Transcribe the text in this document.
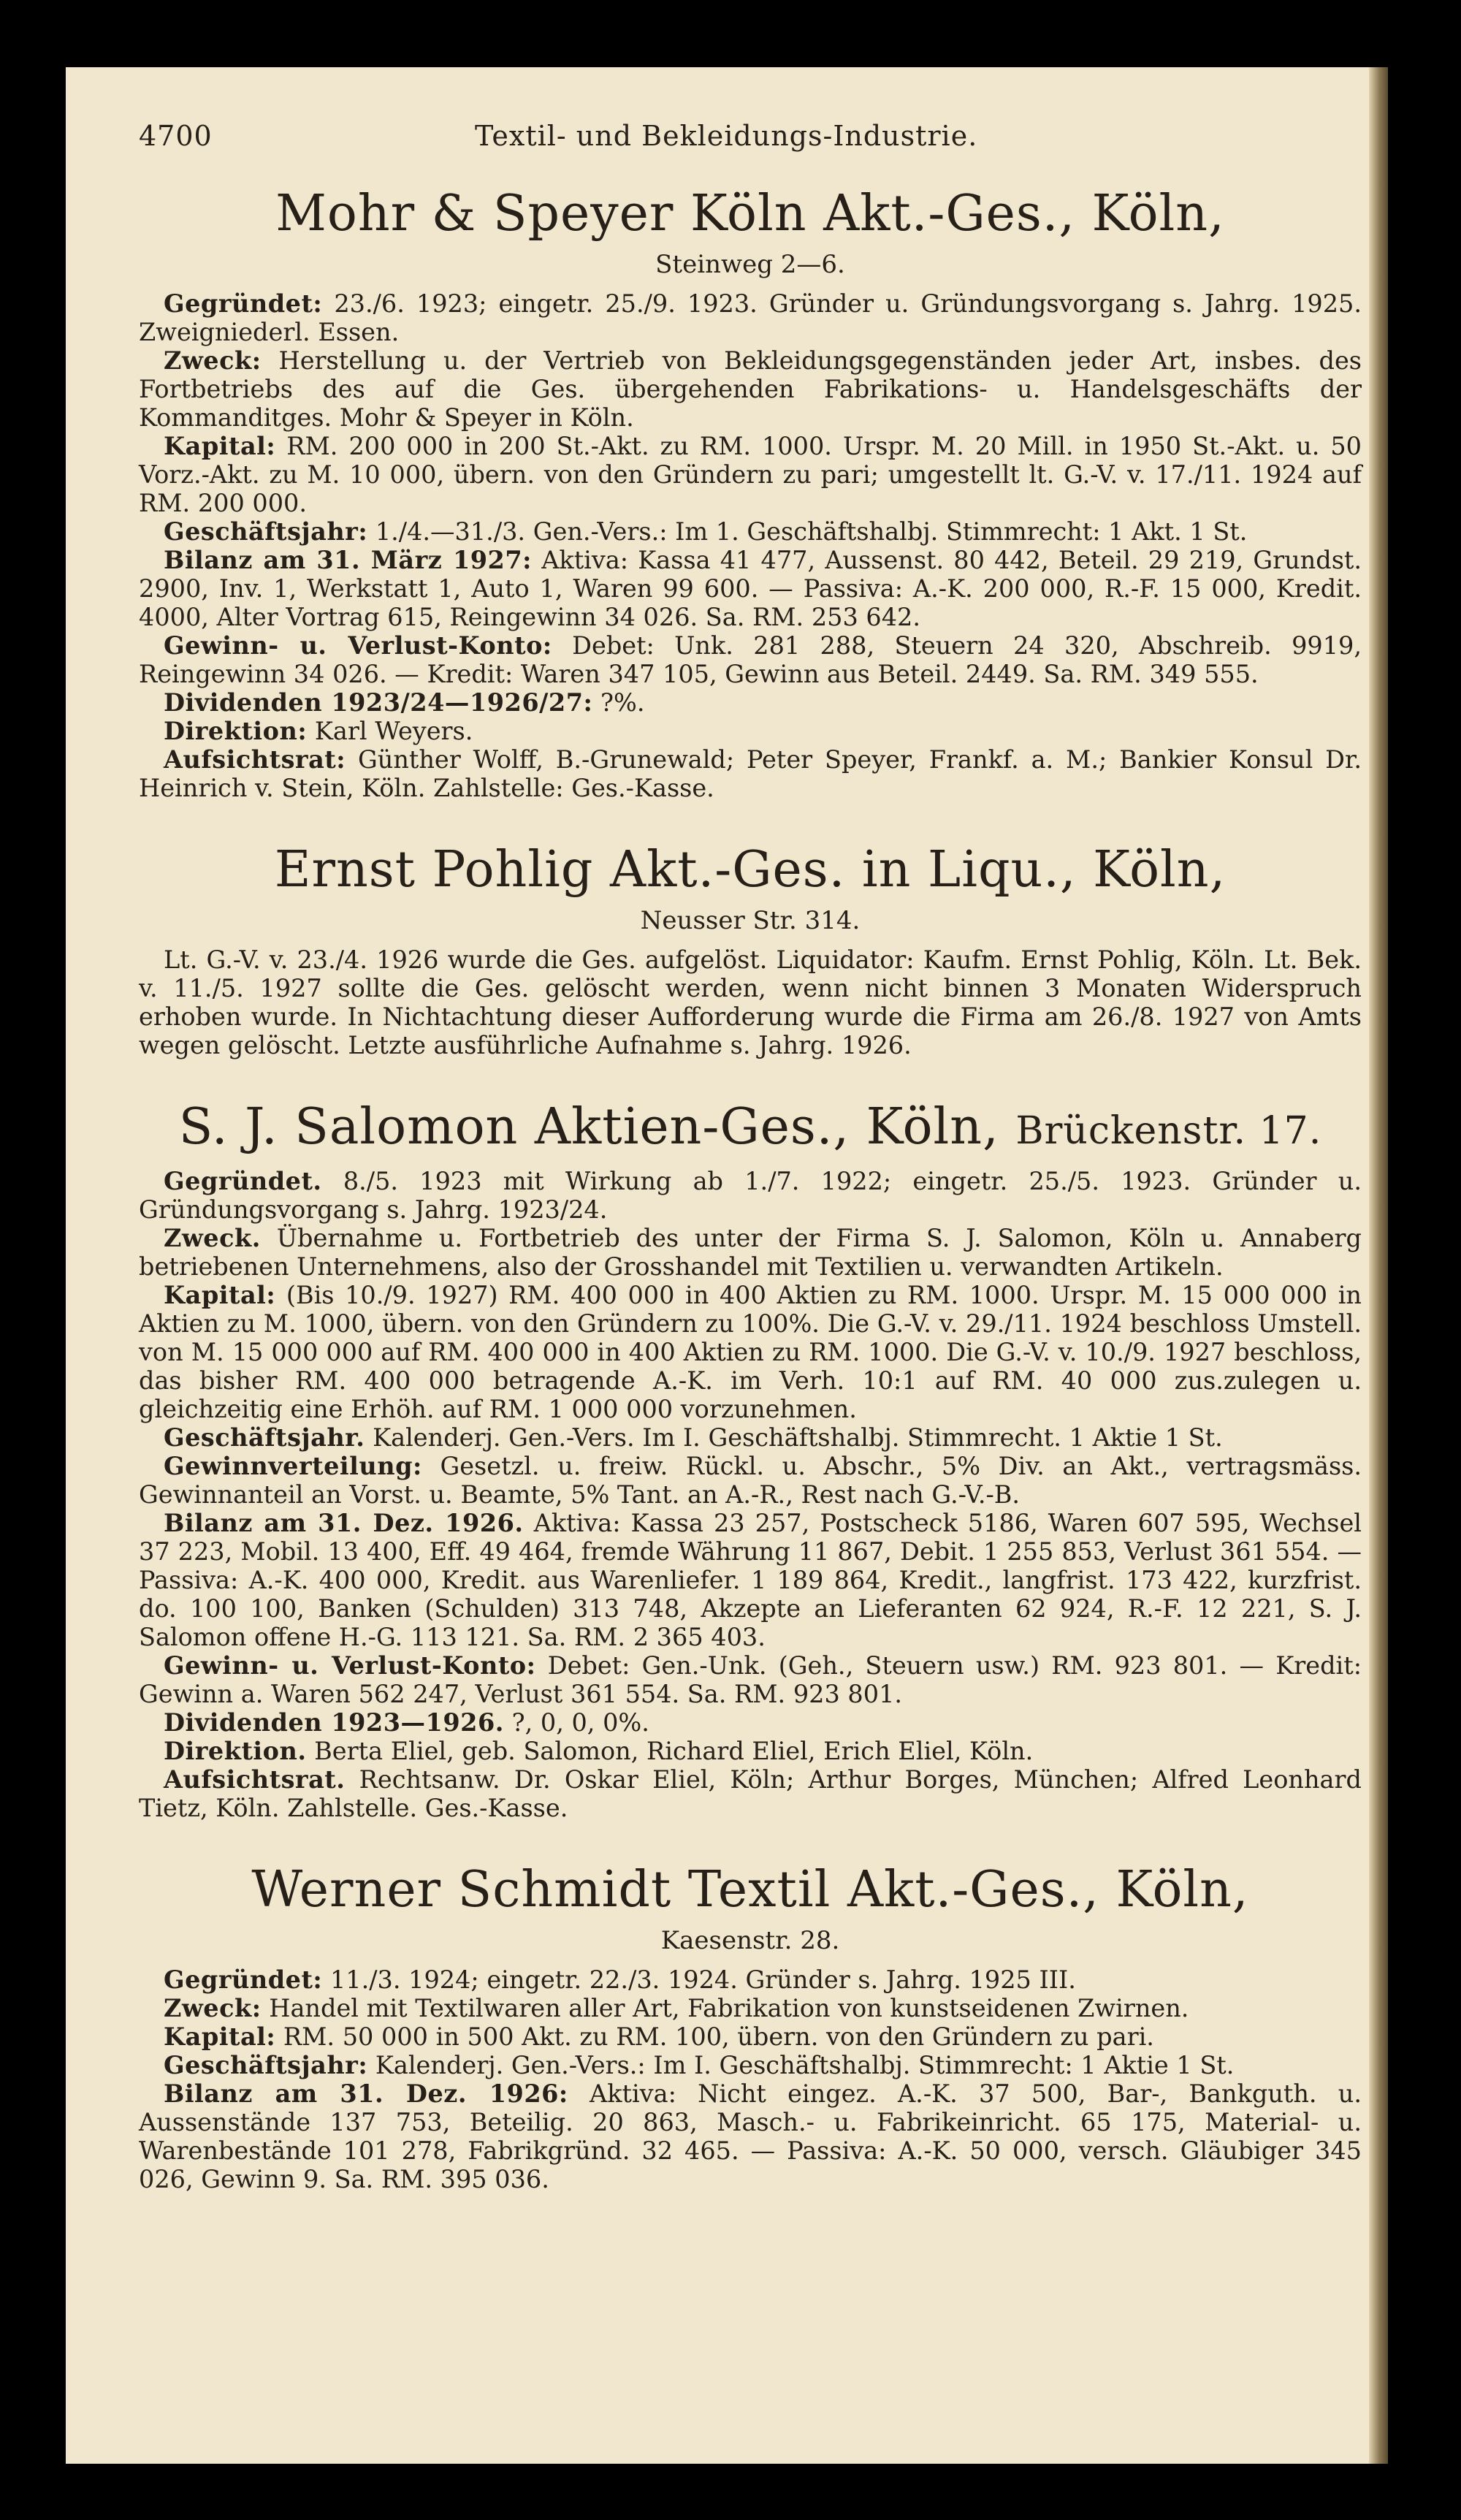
4700	Textil- und Bekleidungs-Industrie.
Mohr & Speyer Köln Akt.-Ges., Köln,
Steinweg 2—6.

Gegründet: 23./6. 1923; eingetr. 25./9. 1923. Gründer u. Gründungsvorgang s. Jahrg. 1925. Zweigniederl. Essen.

Zweck: Herstellung u. der Vertrieb von Bekleidungsgegenständen jeder Art, insbes. des Fortbetriebs des auf die Ges. übergehenden Fabrikations- u. Handelsgeschäfts der Kommanditges. Mohr & Speyer in Köln.

Kapital: RM. 200 000 in 200 St.-Akt. zu RM. 1000. Urspr. M. 20 Mill. in 1950 St.-Akt. u. 50 Vorz.-Akt. zu M. 10 000, übern. von den Gründern zu pari; umgestellt lt. G.-V. v. 17./11. 1924 auf RM. 200 000.

Geschäftsjahr: 1./4.—31./3. Gen.-Vers.: Im 1. Geschäftshalbj. Stimmrecht: 1 Akt. 1 St.

Bilanz am 31. März 1927: Aktiva: Kassa 41 477, Aussenst. 80 442, Beteil. 29 219, Grundst. 2900, Inv. 1, Werkstatt 1, Auto 1, Waren 99 600. — Passiva: A.-K. 200 000, R.-F. 15 000, Kredit. 4000, Alter Vortrag 615, Reingewinn 34 026. Sa. RM. 253 642.

Gewinn- u. Verlust-Konto: Debet: Unk. 281 288, Steuern 24 320, Abschreib. 9919, Reingewinn 34 026. — Kredit: Waren 347 105, Gewinn aus Beteil. 2449. Sa. RM. 349 555.

Dividenden 1923/24—1926/27: ?%.

Direktion: Karl Weyers.

Aufsichtsrat: Günther Wolff, B.-Grunewald; Peter Speyer, Frankf. a. M.; Bankier Konsul Dr. Heinrich v. Stein, Köln. Zahlstelle: Ges.-Kasse.

Ernst Pohlig Akt.-Ges. in Liqu., Köln,
Neusser Str. 314.

Lt. G.-V. v. 23./4. 1926 wurde die Ges. aufgelöst. Liquidator: Kaufm. Ernst Pohlig, Köln. Lt. Bek. v. 11./5. 1927 sollte die Ges. gelöscht werden, wenn nicht binnen 3 Monaten Widerspruch erhoben wurde. In Nichtachtung dieser Aufforderung wurde die Firma am 26./8. 1927 von Amts wegen gelöscht. Letzte ausführliche Aufnahme s. Jahrg. 1926.

S. J. Salomon Aktien-Ges., Köln, Brückenstr. 17.

Gegründet. 8./5. 1923 mit Wirkung ab 1./7. 1922; eingetr. 25./5. 1923. Gründer u. Gründungsvorgang s. Jahrg. 1923/24.

Zweck. Übernahme u. Fortbetrieb des unter der Firma S. J. Salomon, Köln u. Annaberg betriebenen Unternehmens, also der Grosshandel mit Textilien u. verwandten Artikeln.

Kapital: (Bis 10./9. 1927) RM. 400 000 in 400 Aktien zu RM. 1000. Urspr. M. 15 000 000 in Aktien zu M. 1000, übern. von den Gründern zu 100%. Die G.-V. v. 29./11. 1924 beschloss Umstell. von M. 15 000 000 auf RM. 400 000 in 400 Aktien zu RM. 1000. Die G.-V. v. 10./9. 1927 beschloss, das bisher RM. 400 000 betragende A.-K. im Verh. 10:1 auf RM. 40 000 zus.zulegen u. gleichzeitig eine Erhöh. auf RM. 1 000 000 vorzunehmen.

Geschäftsjahr. Kalenderj. Gen.-Vers. Im I. Geschäftshalbj. Stimmrecht. 1 Aktie 1 St.

Gewinnverteilung: Gesetzl. u. freiw. Rückl. u. Abschr., 5% Div. an Akt., vertragsmäss. Gewinnanteil an Vorst. u. Beamte, 5% Tant. an A.-R., Rest nach G.-V.-B.

Bilanz am 31. Dez. 1926. Aktiva: Kassa 23 257, Postscheck 5186, Waren 607 595, Wechsel 37 223, Mobil. 13 400, Eff. 49 464, fremde Währung 11 867, Debit. 1 255 853, Verlust 361 554. — Passiva: A.-K. 400 000, Kredit. aus Warenliefer. 1 189 864, Kredit., langfrist. 173 422, kurzfrist. do. 100 100, Banken (Schulden) 313 748, Akzepte an Lieferanten 62 924, R.-F. 12 221, S. J. Salomon offene H.-G. 113 121. Sa. RM. 2 365 403.

Gewinn- u. Verlust-Konto: Debet: Gen.-Unk. (Geh., Steuern usw.) RM. 923 801. — Kredit: Gewinn a. Waren 562 247, Verlust 361 554. Sa. RM. 923 801.

Dividenden 1923—1926. ?, 0, 0, 0%.

Direktion. Berta Eliel, geb. Salomon, Richard Eliel, Erich Eliel, Köln.

Aufsichtsrat. Rechtsanw. Dr. Oskar Eliel, Köln; Arthur Borges, München; Alfred Leonhard Tietz, Köln. Zahlstelle. Ges.-Kasse.

Werner Schmidt Textil Akt.-Ges., Köln,
Kaesenstr. 28.

Gegründet: 11./3. 1924; eingetr. 22./3. 1924. Gründer s. Jahrg. 1925 III.

Zweck: Handel mit Textilwaren aller Art, Fabrikation von kunstseidenen Zwirnen.

Kapital: RM. 50 000 in 500 Akt. zu RM. 100, übern. von den Gründern zu pari.

Geschäftsjahr: Kalenderj. Gen.-Vers.: Im I. Geschäftshalbj. Stimmrecht: 1 Aktie 1 St.

Bilanz am 31. Dez. 1926: Aktiva: Nicht eingez. A.-K. 37 500, Bar-, Bankguth. u. Aussenstände 137 753, Beteilig. 20 863, Masch.- u. Fabrikeinricht. 65 175, Material- u. Warenbestände 101 278, Fabrikgründ. 32 465. — Passiva: A.-K. 50 000, versch. Gläubiger 345 026, Gewinn 9. Sa. RM. 395 036.
